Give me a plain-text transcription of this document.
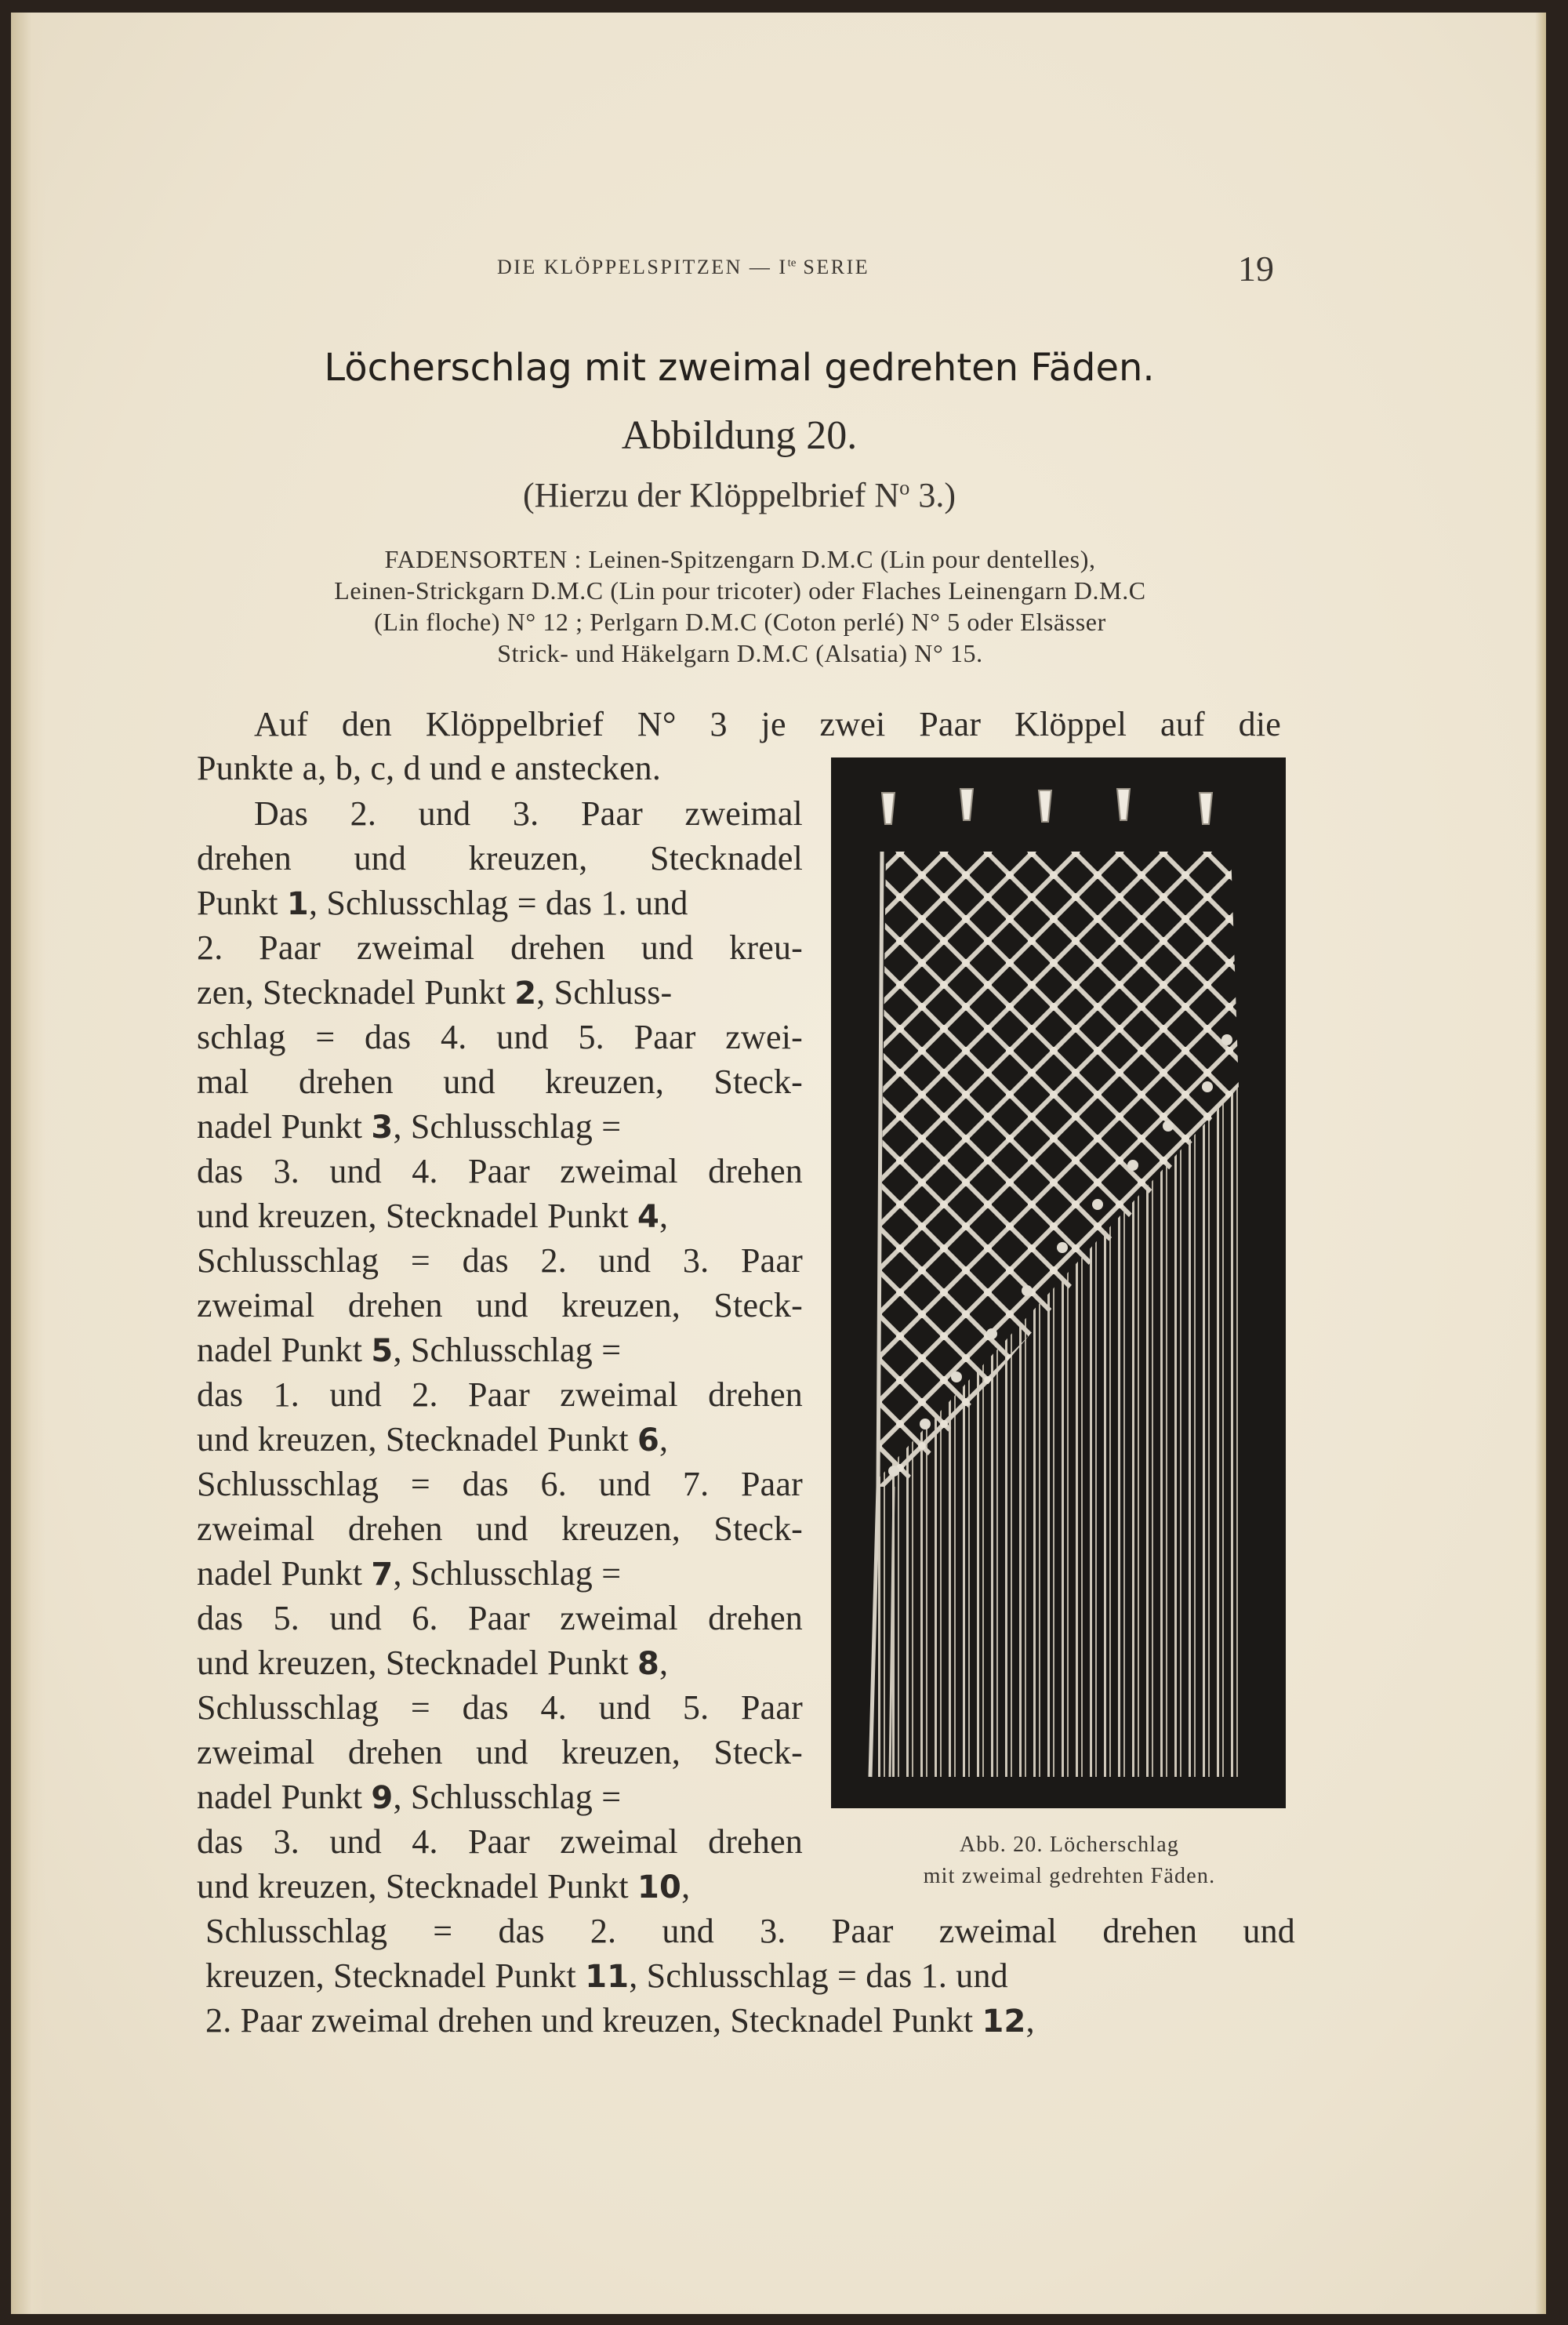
DIE KLÖPPELSPITZEN — $I^{te}$ SERIE	19
Löcherschlag mit zweimal gedrehten Fäden.
Abbildung 20.
(Hierzu der Klöppelbrief $N^o$ 3.)
FADENSORTEN : Leinen-Spitzengarn D.M.C (Lin pour dentelles),
Leinen-Strickgarn D.M.C (Lin pour tricoter) oder Flaches Leinengarn D.M.C
(Lin floche) N° 12 ; Perlgarn D.M.C (Coton perlé) N° 5 oder Elsässer
Strick- und Häkelgarn D.M.C (Alsatia) N° 15.
Auf den Klöppelbrief N° 3 je zwei Paar Klöppel auf die
Punkte a, b, c, d und e anstecken.
Das 2. und 3. Paar zweimal
drehen und kreuzen, Stecknadel
Punkt 1, Schlusschlag = das 1. und
2. Paar zweimal drehen und kreu-
zen, Stecknadel Punkt 2, Schluss-
schlag = das 4. und 5. Paar zwei-
mal drehen und kreuzen, Steck-
nadel Punkt 3, Schlusschlag =
das 3. und 4. Paar zweimal drehen
und kreuzen, Stecknadel Punkt 4,
Schlusschlag = das 2. und 3. Paar
zweimal drehen und kreuzen, Steck-
nadel Punkt 5, Schlusschlag =
das 1. und 2. Paar zweimal drehen
und kreuzen, Stecknadel Punkt 6,
Schlusschlag = das 6. und 7. Paar
zweimal drehen und kreuzen, Steck-
nadel Punkt 7, Schlusschlag =
das 5. und 6. Paar zweimal drehen
und kreuzen, Stecknadel Punkt 8,
Schlusschlag = das 4. und 5. Paar
zweimal drehen und kreuzen, Steck-
nadel Punkt 9, Schlusschlag =
das 3. und 4. Paar zweimal drehen
und kreuzen, Stecknadel Punkt 10,
Schlusschlag = das 2. und 3. Paar zweimal drehen und
kreuzen, Stecknadel Punkt 11, Schlusschlag = das 1. und
2. Paar zweimal drehen und kreuzen, Stecknadel Punkt 12,
Abb. 20. Löcherschlag
mit zweimal gedrehten Fäden.
